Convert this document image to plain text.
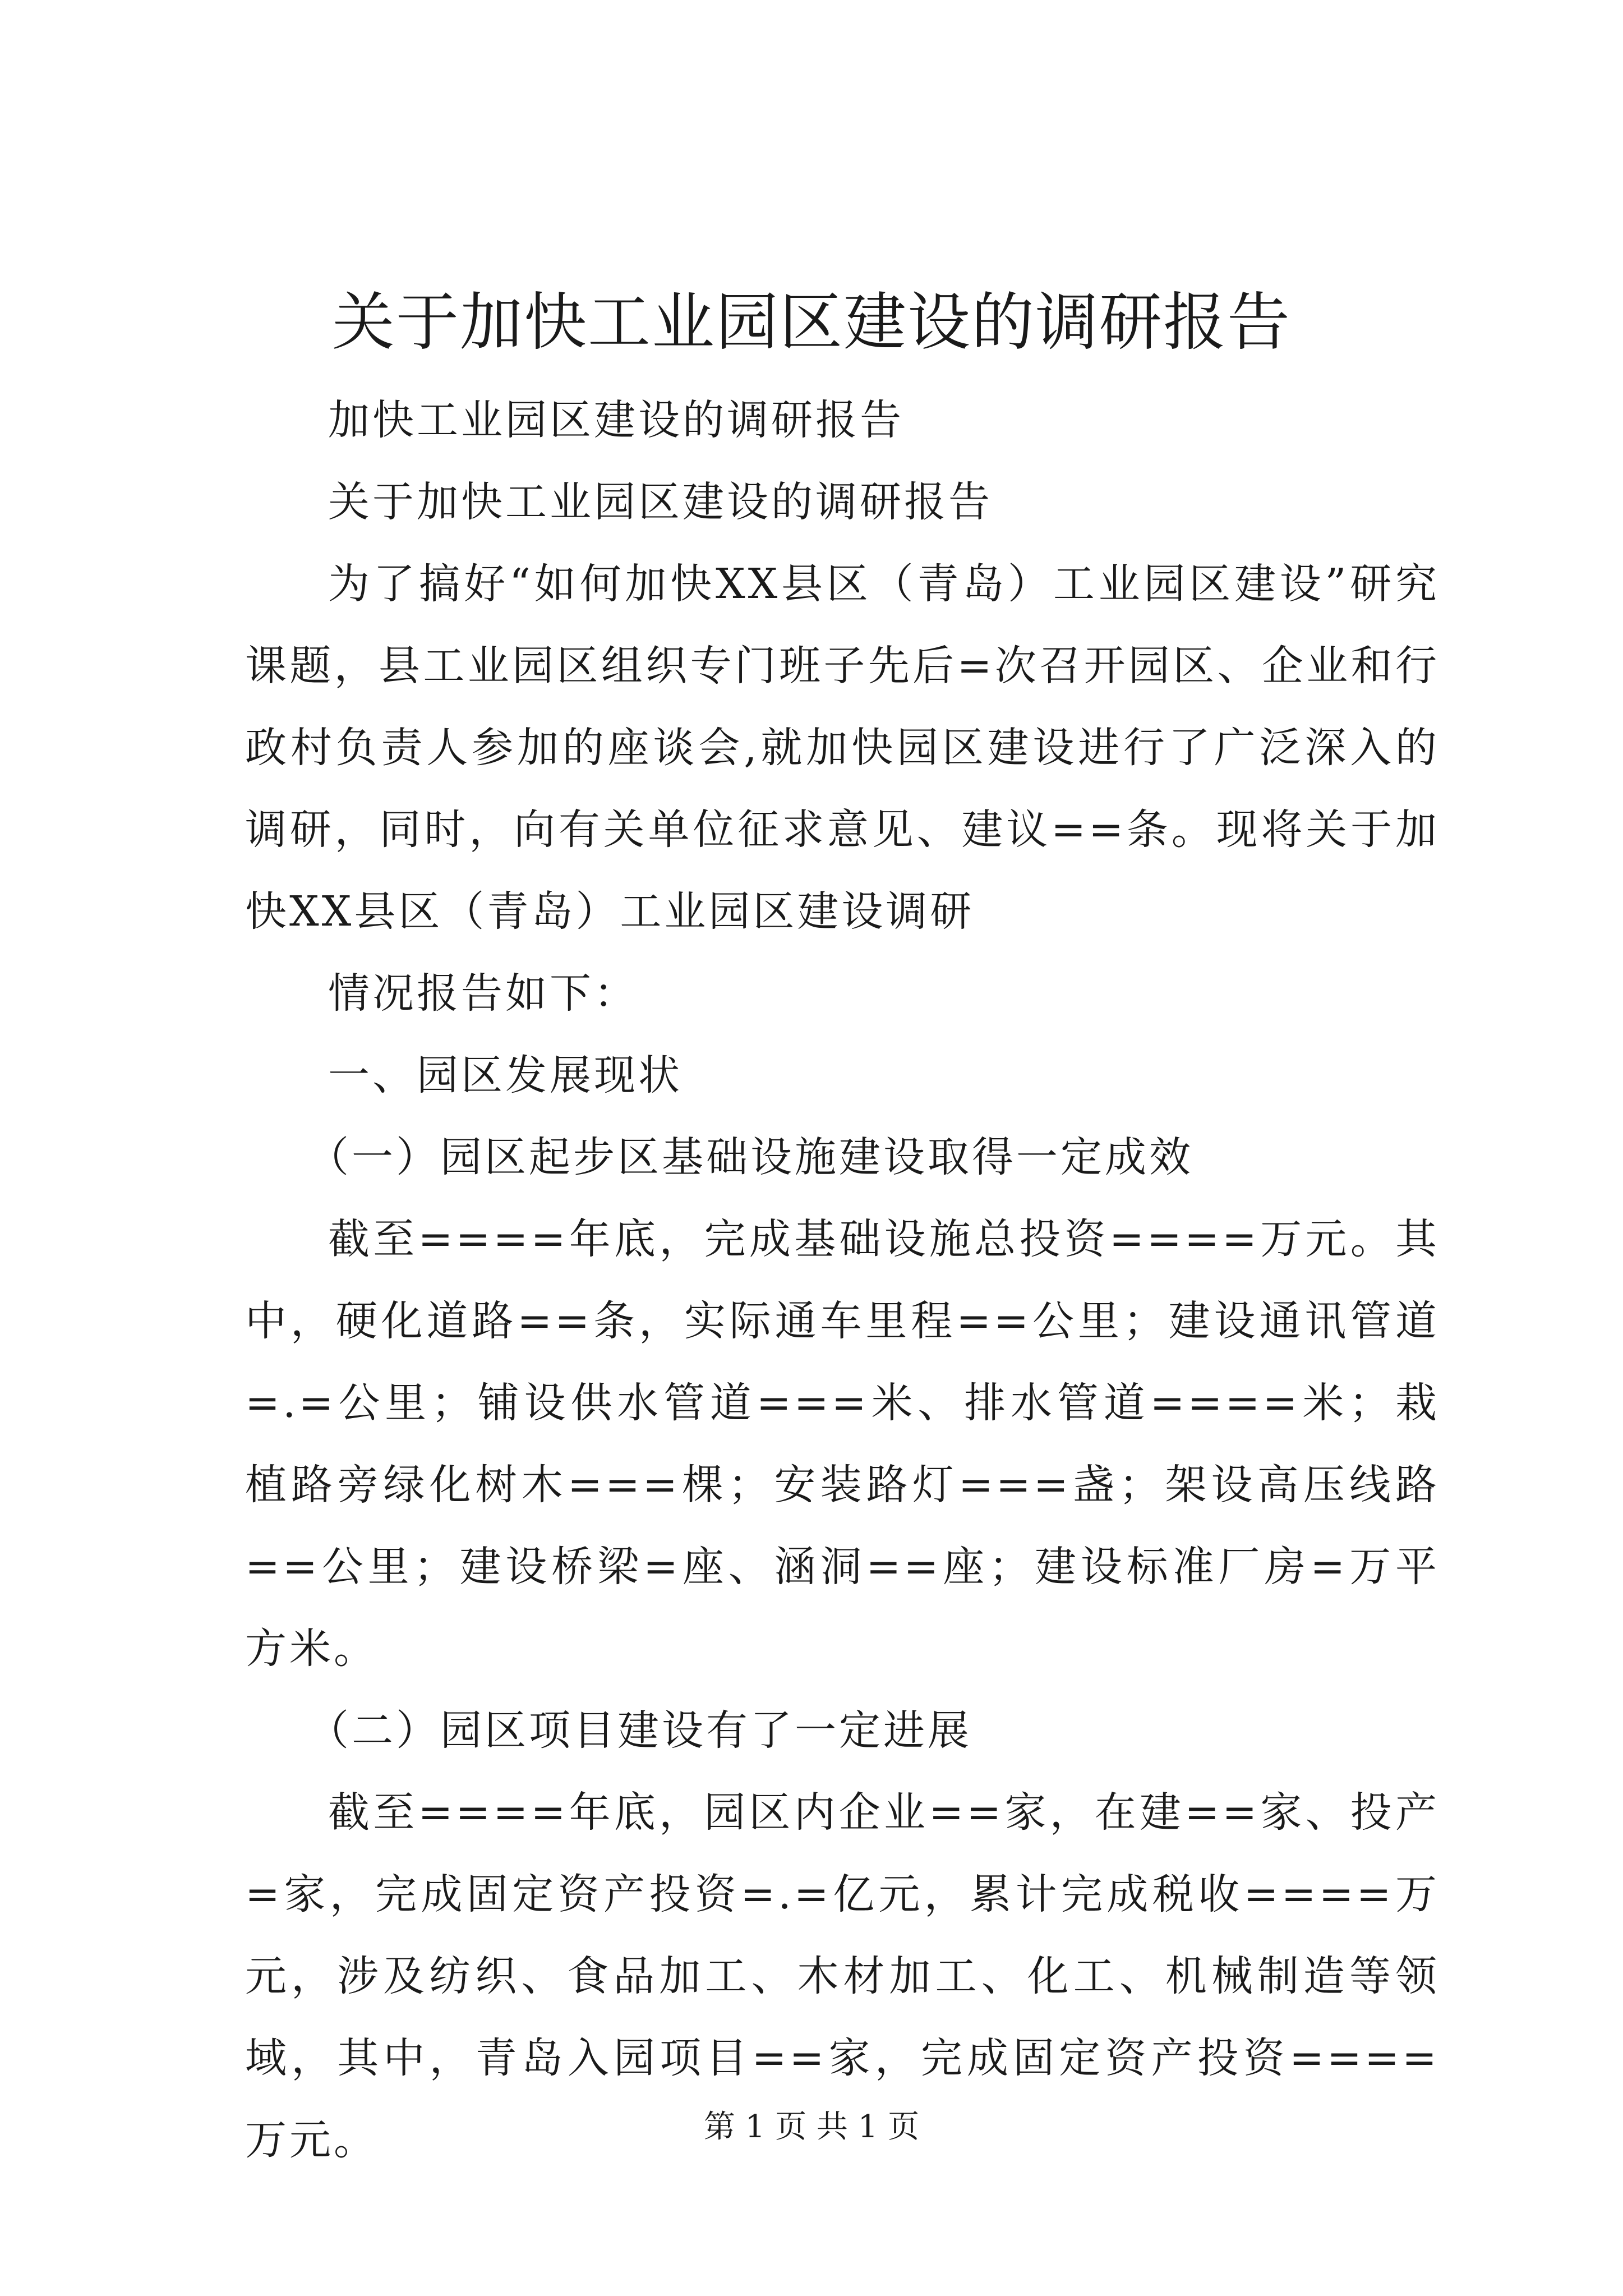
关于加快工业园区建设的调研报告

加快工业园区建设的调研报告

关于加快工业园区建设的调研报告

为了搞好“如何加快XX县区（青岛）工业园区建设”研究课题，县工业园区组织专门班子先后=次召开园区、企业和行政村负责人参加的座谈会,就加快园区建设进行了广泛深入的调研，同时，向有关单位征求意见、建议==条。现将关于加快XX县区（青岛）工业园区建设调研

情况报告如下：

一、园区发展现状

（一）园区起步区基础设施建设取得一定成效

截至====年底，完成基础设施总投资====万元。其中，硬化道路==条，实际通车里程==公里；建设通讯管道=.=公里；铺设供水管道===米、排水管道====米；栽植路旁绿化树木===棵；安装路灯===盏；架设高压线路==公里；建设桥梁=座、涵洞==座；建设标准厂房=万平方米。

（二）园区项目建设有了一定进展

截至====年底，园区内企业==家，在建==家、投产=家，完成固定资产投资=.=亿元，累计完成税收====万元，涉及纺织、食品加工、木材加工、化工、机械制造等领域，其中，青岛入园项目==家，完成固定资产投资====万元。	第 1 页 共 1 页
